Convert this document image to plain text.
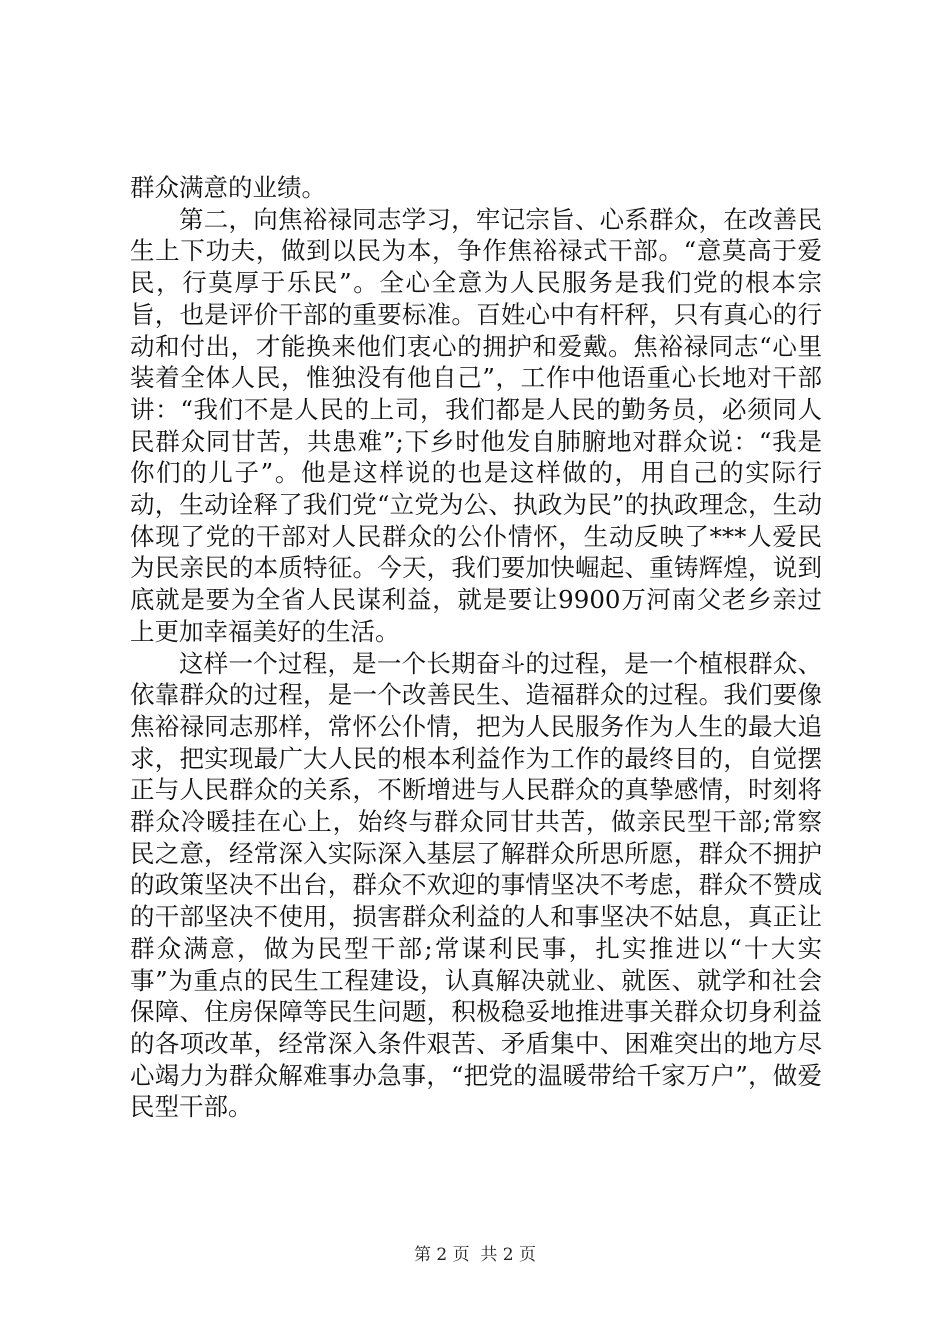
群众满意的业绩。

第二，向焦裕禄同志学习，牢记宗旨、心系群众，在改善民生上下功夫，做到以民为本，争作焦裕禄式干部。“意莫高于爱民，行莫厚于乐民”。全心全意为人民服务是我们党的根本宗旨，也是评价干部的重要标准。百姓心中有杆秤，只有真心的行动和付出，才能换来他们衷心的拥护和爱戴。焦裕禄同志“心里装着全体人民，惟独没有他自己”，工作中他语重心长地对干部讲：“我们不是人民的上司，我们都是人民的勤务员，必须同人民群众同甘苦，共患难”;下乡时他发自肺腑地对群众说：“我是你们的儿子”。他是这样说的也是这样做的，用自己的实际行动，生动诠释了我们党“立党为公、执政为民”的执政理念，生动体现了党的干部对人民群众的公仆情怀，生动反映了***人爱民为民亲民的本质特征。今天，我们要加快崛起、重铸辉煌，说到底就是要为全省人民谋利益，就是要让9900万河南父老乡亲过上更加幸福美好的生活。

这样一个过程，是一个长期奋斗的过程，是一个植根群众、依靠群众的过程，是一个改善民生、造福群众的过程。我们要像焦裕禄同志那样，常怀公仆情，把为人民服务作为人生的最大追求，把实现最广大人民的根本利益作为工作的最终目的，自觉摆正与人民群众的关系，不断增进与人民群众的真挚感情，时刻将群众冷暖挂在心上，始终与群众同甘共苦，做亲民型干部;常察民之意，经常深入实际深入基层了解群众所思所愿，群众不拥护的政策坚决不出台，群众不欢迎的事情坚决不考虑，群众不赞成的干部坚决不使用，损害群众利益的人和事坚决不姑息，真正让群众满意，做为民型干部;常谋利民事，扎实推进以“十大实事”为重点的民生工程建设，认真解决就业、就医、就学和社会保障、住房保障等民生问题，积极稳妥地推进事关群众切身利益的各项改革，经常深入条件艰苦、矛盾集中、困难突出的地方尽心竭力为群众解难事办急事，“把党的温暖带给千家万户”，做爱民型干部。

第 2 页 共 2 页
